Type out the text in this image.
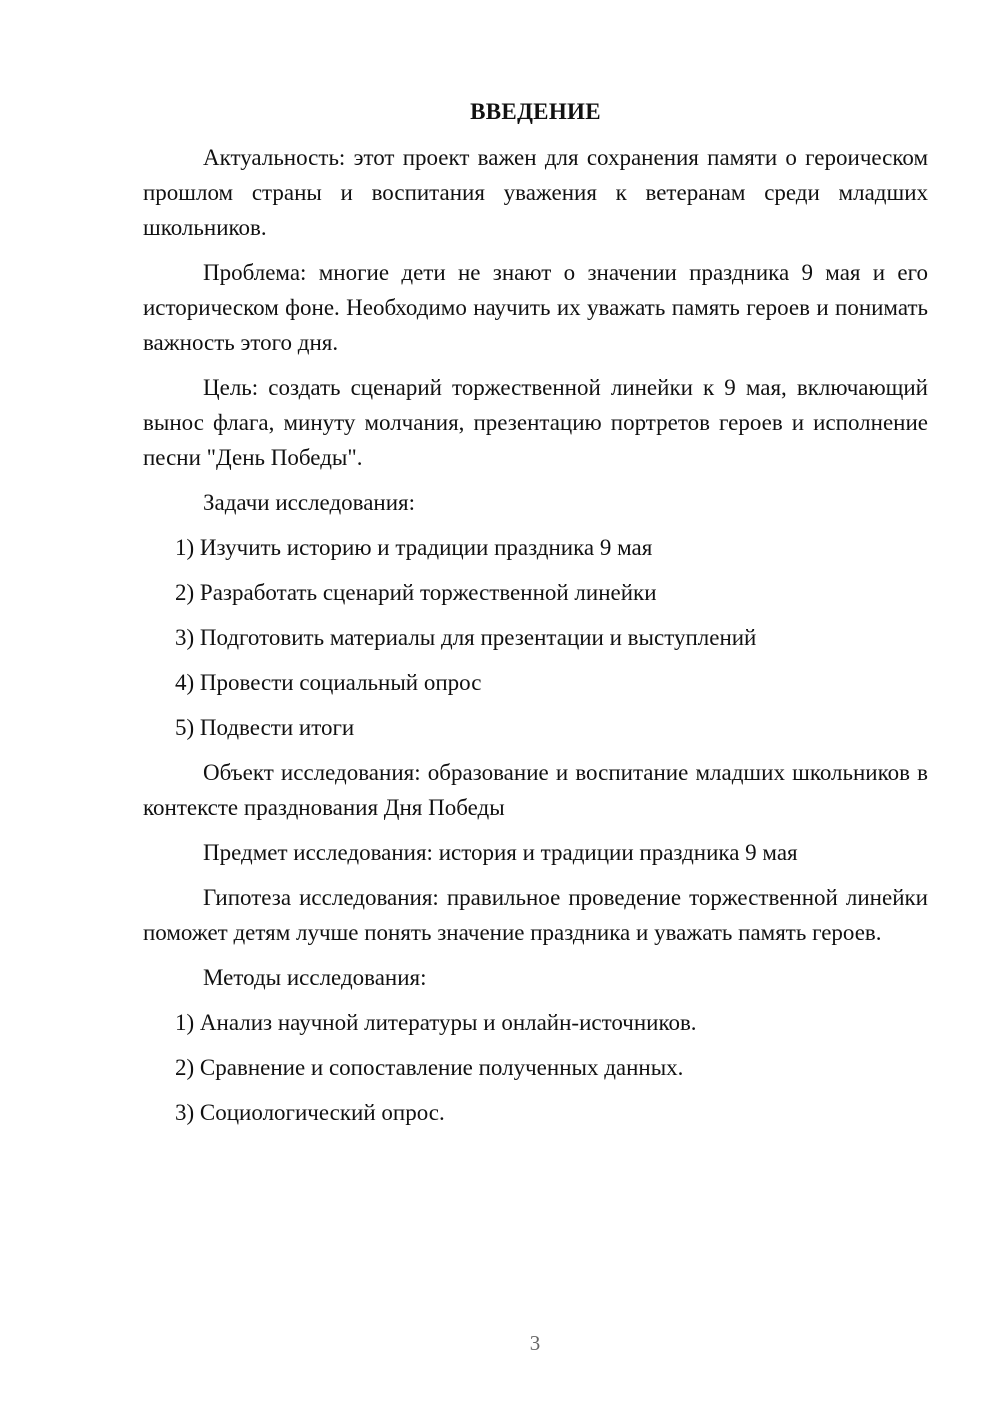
ВВЕДЕНИЕ
Актуальность: этот проект важен для сохранения памяти о героическом прошлом страны и воспитания уважения к ветеранам среди младших школьников.
Проблема: многие дети не знают о значении праздника 9 мая и его историческом фоне. Необходимо научить их уважать память героев и понимать важность этого дня.
Цель: создать сценарий торжественной линейки к 9 мая, включающий вынос флага, минуту молчания, презентацию портретов героев и исполнение песни "День Победы".
Задачи исследования:
1) Изучить историю и традиции праздника 9 мая
2) Разработать сценарий торжественной линейки
3) Подготовить материалы для презентации и выступлений
4) Провести социальный опрос
5) Подвести итоги
Объект исследования: образование и воспитание младших школьников в контексте празднования Дня Победы
Предмет исследования: история и традиции праздника 9 мая
Гипотеза исследования: правильное проведение торжественной линейки поможет детям лучше понять значение праздника и уважать память героев.
Методы исследования:
1) Анализ научной литературы и онлайн-источников.
2) Сравнение и сопоставление полученных данных.
3) Социологический опрос.
3
